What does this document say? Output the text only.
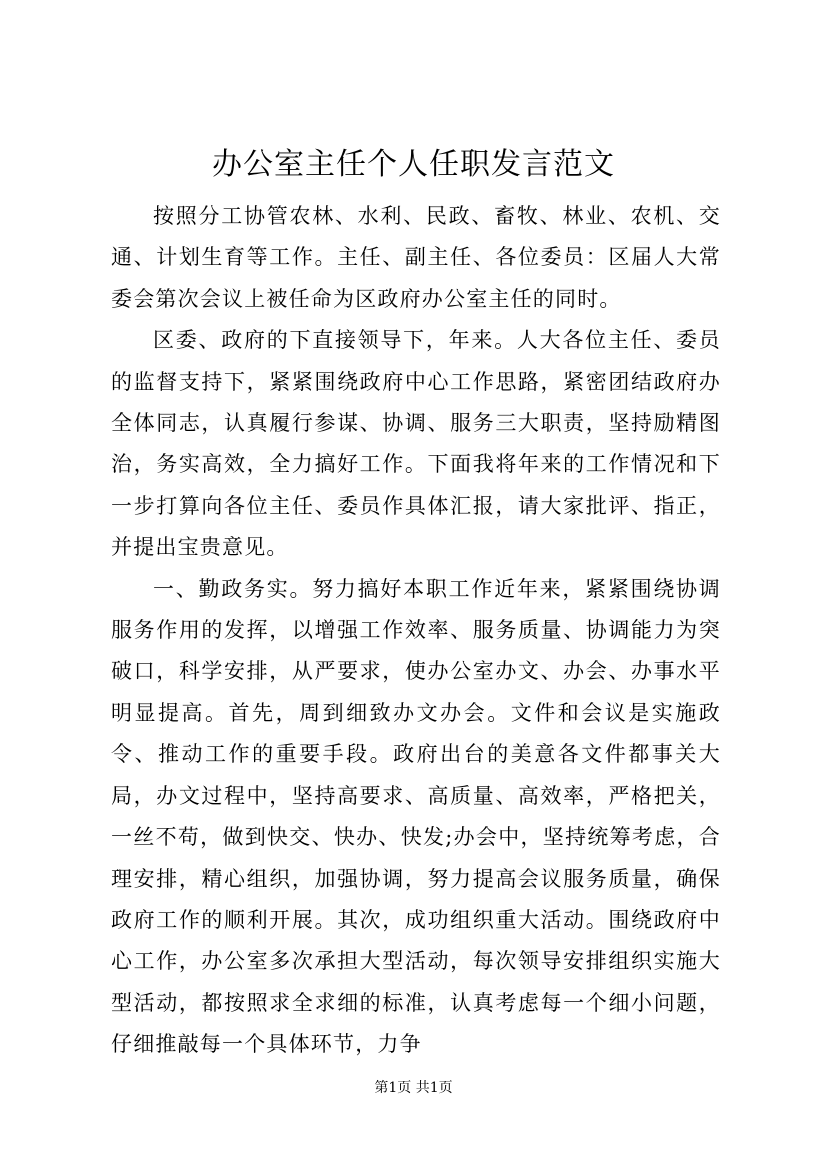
办公室主任个人任职发言范文

按照分工协管农林、水利、民政、畜牧、林业、农机、交通、计划生育等工作。主任、副主任、各位委员：区届人大常委会第次会议上被任命为区政府办公室主任的同时。

区委、政府的下直接领导下，年来。人大各位主任、委员的监督支持下，紧紧围绕政府中心工作思路，紧密团结政府办全体同志，认真履行参谋、协调、服务三大职责，坚持励精图治，务实高效，全力搞好工作。下面我将年来的工作情况和下一步打算向各位主任、委员作具体汇报，请大家批评、指正，并提出宝贵意见。

一、勤政务实。努力搞好本职工作近年来，紧紧围绕协调服务作用的发挥，以增强工作效率、服务质量、协调能力为突破口，科学安排，从严要求，使办公室办文、办会、办事水平明显提高。首先，周到细致办文办会。文件和会议是实施政令、推动工作的重要手段。政府出台的美意各文件都事关大局，办文过程中，坚持高要求、高质量、高效率，严格把关，一丝不苟，做到快交、快办、快发;办会中，坚持统筹考虑，合理安排，精心组织，加强协调，努力提高会议服务质量，确保政府工作的顺利开展。其次，成功组织重大活动。围绕政府中心工作，办公室多次承担大型活动，每次领导安排组织实施大型活动，都按照求全求细的标准，认真考虑每一个细小问题，仔细推敲每一个具体环节，力争

第1页 共1页
